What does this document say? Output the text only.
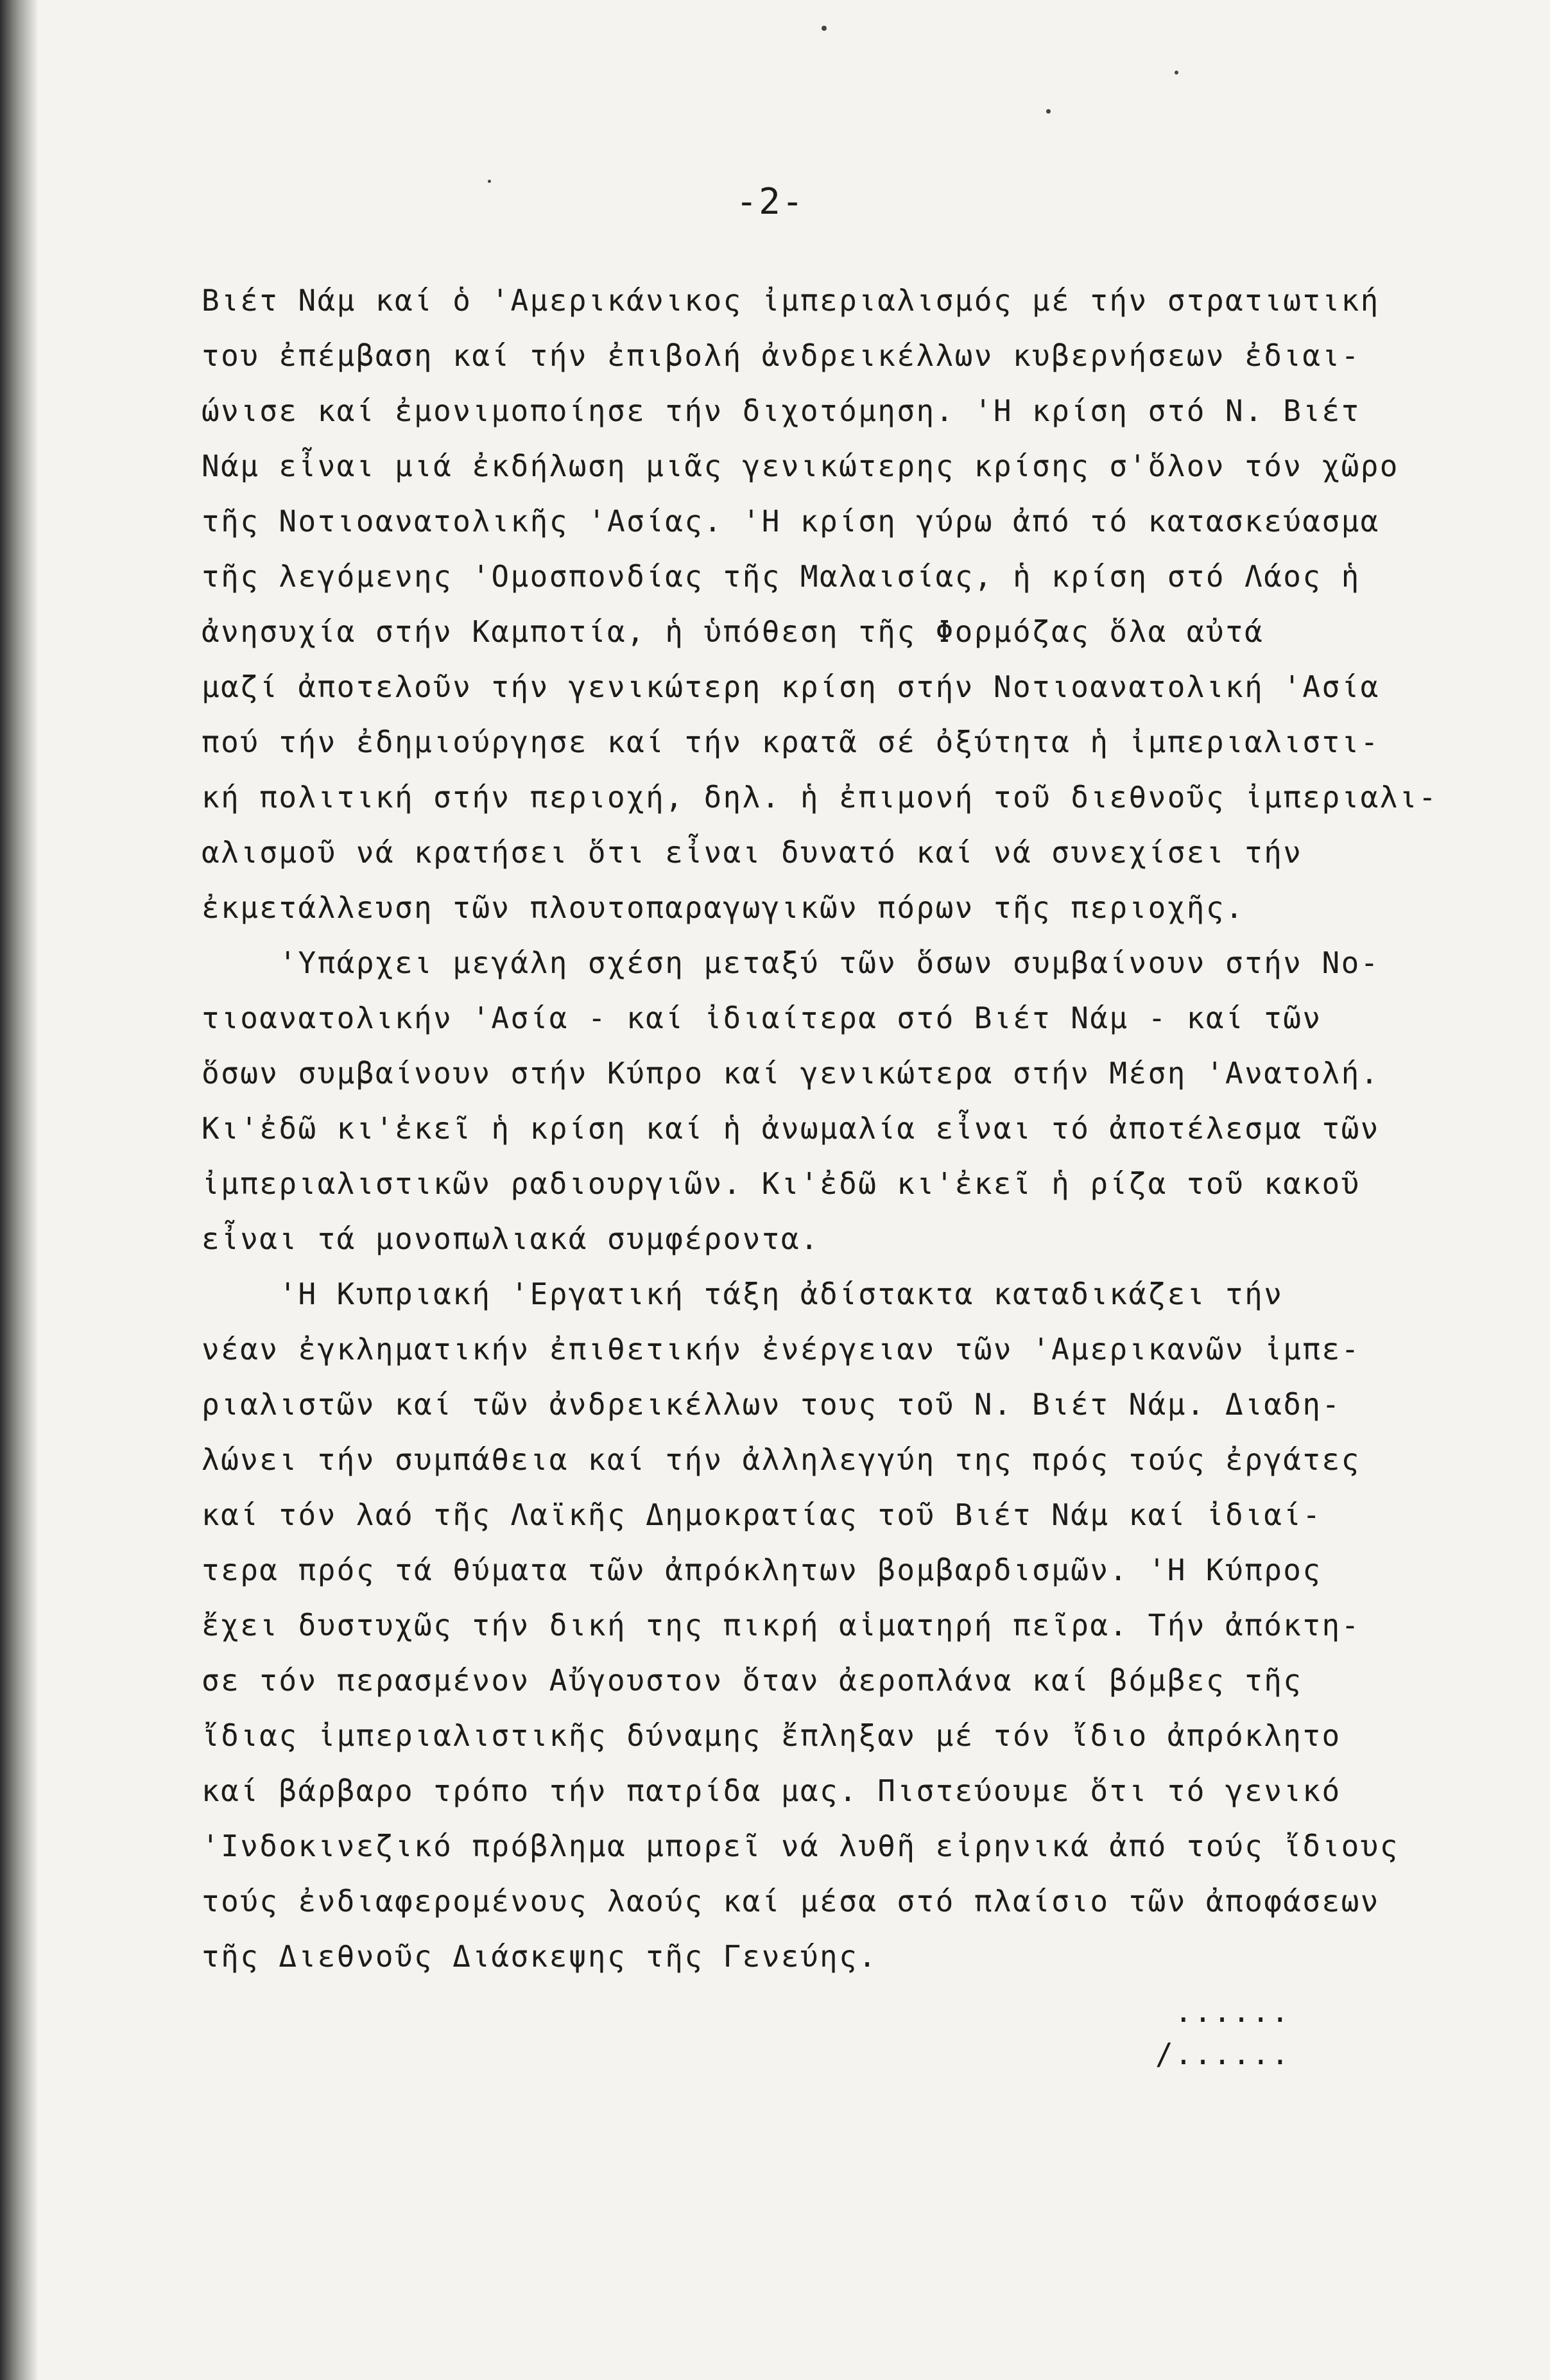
-2-
Βιέτ Νάμ καί ὁ 'Αμερικάνικος ἰμπεριαλισμός μέ τήν στρατιωτική
του ἐπέμβαση καί τήν ἐπιβολή ἀνδρεικέλλων κυβερνήσεων ἐδιαι-
ώνισε καί ἐμονιμοποίησε τήν διχοτόμηση. 'Η κρίση στό Ν. Βιέτ
Νάμ εἶναι μιά ἐκδήλωση μιᾶς γενικώτερης κρίσης σ'ὅλον τόν χῶρο
τῆς Νοτιοανατολικῆς 'Ασίας. 'Η κρίση γύρω ἀπό τό κατασκεύασμα
τῆς λεγόμενης 'Ομοσπονδίας τῆς Μαλαισίας, ἡ κρίση στό Λάος ἡ
ἀνησυχία στήν Καμποτία, ἡ ὑπόθεση τῆς Φορμόζας ὅλα αὐτά
μαζί ἀποτελοῦν τήν γενικώτερη κρίση στήν Νοτιοανατολική 'Ασία
πού τήν ἐδημιούργησε καί τήν κρατᾶ σέ ὀξύτητα ἡ ἰμπεριαλιστι-
κή πολιτική στήν περιοχή, δηλ. ἡ ἐπιμονή τοῦ διεθνοῦς ἰμπεριαλι-
αλισμοῦ νά κρατήσει ὅτι εἶναι δυνατό καί νά συνεχίσει τήν
ἐκμετάλλευση τῶν πλουτοπαραγωγικῶν πόρων τῆς περιοχῆς.
'Υπάρχει μεγάλη σχέση μεταξύ τῶν ὅσων συμβαίνουν στήν Νο-
τιοανατολικήν 'Ασία - καί ἰδιαίτερα στό Βιέτ Νάμ - καί τῶν
ὅσων συμβαίνουν στήν Κύπρο καί γενικώτερα στήν Μέση 'Ανατολή.
Κι'ἐδῶ κι'ἐκεῖ ἡ κρίση καί ἡ ἀνωμαλία εἶναι τό ἀποτέλεσμα τῶν
ἰμπεριαλιστικῶν ραδιουργιῶν. Κι'ἐδῶ κι'ἐκεῖ ἡ ρίζα τοῦ κακοῦ
εἶναι τά μονοπωλιακά συμφέροντα.
'Η Κυπριακή 'Εργατική τάξη ἀδίστακτα καταδικάζει τήν
νέαν ἐγκληματικήν ἐπιθετικήν ἐνέργειαν τῶν 'Αμερικανῶν ἰμπε-
ριαλιστῶν καί τῶν ἀνδρεικέλλων τους τοῦ Ν. Βιέτ Νάμ. Διαδη-
λώνει τήν συμπάθεια καί τήν ἀλληλεγγύη της πρός τούς ἐργάτες
καί τόν λαό τῆς Λαϊκῆς Δημοκρατίας τοῦ Βιέτ Νάμ καί ἰδιαί-
τερα πρός τά θύματα τῶν ἀπρόκλητων βομβαρδισμῶν. 'Η Κύπρος
ἔχει δυστυχῶς τήν δική της πικρή αἱματηρή πεῖρα. Τήν ἀπόκτη-
σε τόν περασμένον Αὔγουστον ὅταν ἀεροπλάνα καί βόμβες τῆς
ἴδιας ἰμπεριαλιστικῆς δύναμης ἔπληξαν μέ τόν ἴδιο ἀπρόκλητο
καί βάρβαρο τρόπο τήν πατρίδα μας. Πιστεύουμε ὅτι τό γενικό
'Ινδοκινεζικό πρόβλημα μπορεῖ νά λυθῆ εἰρηνικά ἀπό τούς ἴδιους
τούς ἐνδιαφερομένους λαούς καί μέσα στό πλαίσιο τῶν ἀποφάσεων
τῆς Διεθνοῦς Διάσκεψης τῆς Γενεύης.
......
/......
